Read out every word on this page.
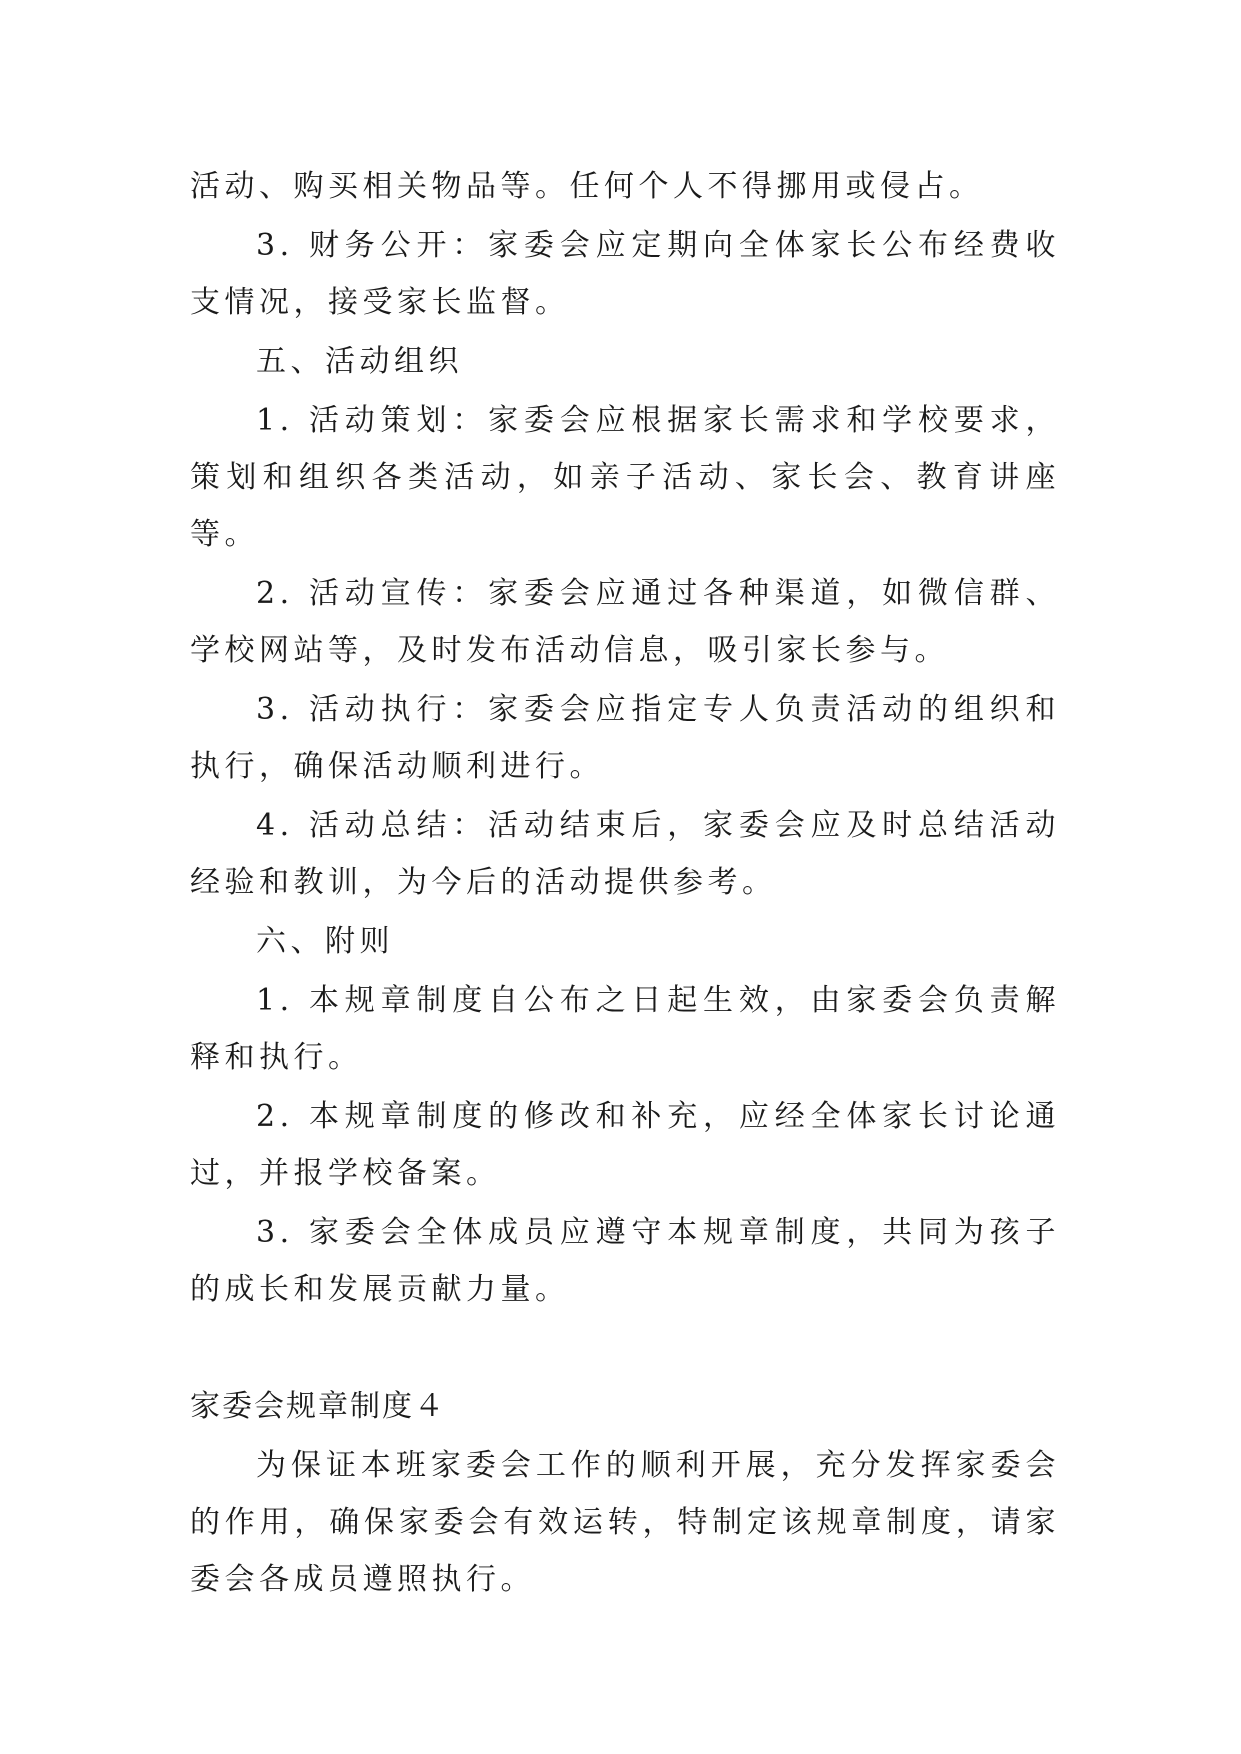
活动、购买相关物品等。任何个人不得挪用或侵占。

3. 财务公开：家委会应定期向全体家长公布经费收支情况，接受家长监督。

五、活动组织

1. 活动策划：家委会应根据家长需求和学校要求，策划和组织各类活动，如亲子活动、家长会、教育讲座等。

2. 活动宣传：家委会应通过各种渠道，如微信群、学校网站等，及时发布活动信息，吸引家长参与。

3. 活动执行：家委会应指定专人负责活动的组织和执行，确保活动顺利进行。

4. 活动总结：活动结束后，家委会应及时总结活动经验和教训，为今后的活动提供参考。

六、附则

1. 本规章制度自公布之日起生效，由家委会负责解释和执行。

2. 本规章制度的修改和补充，应经全体家长讨论通过，并报学校备案。

3. 家委会全体成员应遵守本规章制度，共同为孩子的成长和发展贡献力量。

家委会规章制度４

为保证本班家委会工作的顺利开展，充分发挥家委会的作用，确保家委会有效运转，特制定该规章制度，请家委会各成员遵照执行。
